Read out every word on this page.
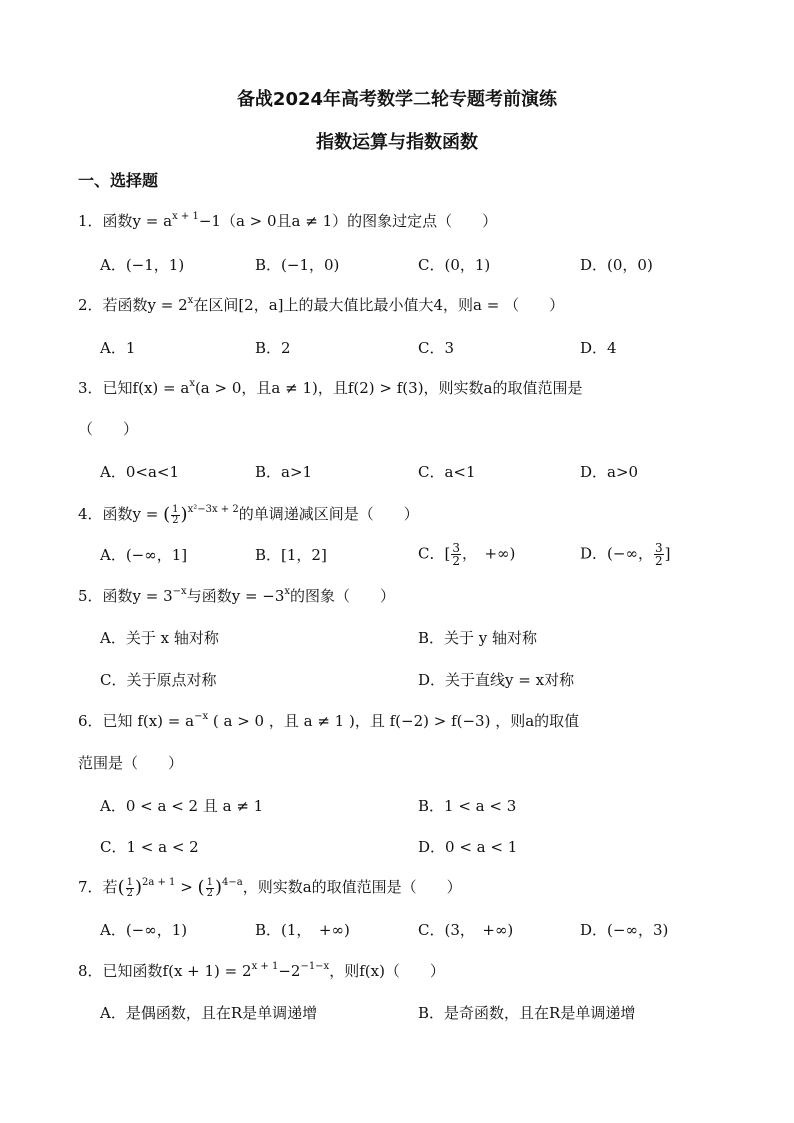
备战2024年高考数学二轮专题考前演练
指数运算与指数函数
一、选择题
1．函数$y = a^{x + 1}-1(a > 0$且a ≠ 1）的图象过定点（　　）
A．(−1，1)	B．(−1，0)	C．(0，1)	D．(0，0)
2．若函数$y = 2^x$在区间[2，a]上的最大值比最小值大4，则a = （　　）
A．1	B．2	C．3	D．4
3．已知$f(x) = a^x(a > 0$，且a ≠ 1)，且f(2) > f(3)，则实数a的取值范围是
（　　）
A．0<a<1	B．a>1	C．a<1	D．a>0
4．函数y = ( $\frac{1}{2} )^{x^2-3x + 2}$的单调递减区间是（　　）
A．(−∞，1]	B．[1，2]	C．[ $\frac{3}{2}$ ，　+∞)	D．(−∞， $\frac{3}{2}$ ]
5．函数$y = 3^{-x}$与函数$y = -3^x$的图象（　　）
A．关于 x 轴对称	B．关于 y 轴对称
C．关于原点对称	D．关于直线y = x对称
6．已知 $f(x) = a^{-x}$ ( a > 0 ，且 a ≠ 1 )，且 f(−2) > f(−3) ，则a的取值
范围是（　　）
A．0 < a < 2 且 a ≠ 1	B．1 < a < 3
C．1 < a < 2	D．0 < a < 1
7．若( $\frac{1}{2} )^{2a + 1}$ > ( $\frac{1}{2} )^{4-a}$，则实数a的取值范围是（　　）
A．(−∞，1)	B．(1，　+∞)	C．(3，　+∞)	D．(−∞，3)
8．已知函数$f(x + 1) = 2^{x + 1}-2^{-1-x}$，则f(x)（　　）
A．是偶函数，且在R是单调递增	B．是奇函数，且在R是单调递增
